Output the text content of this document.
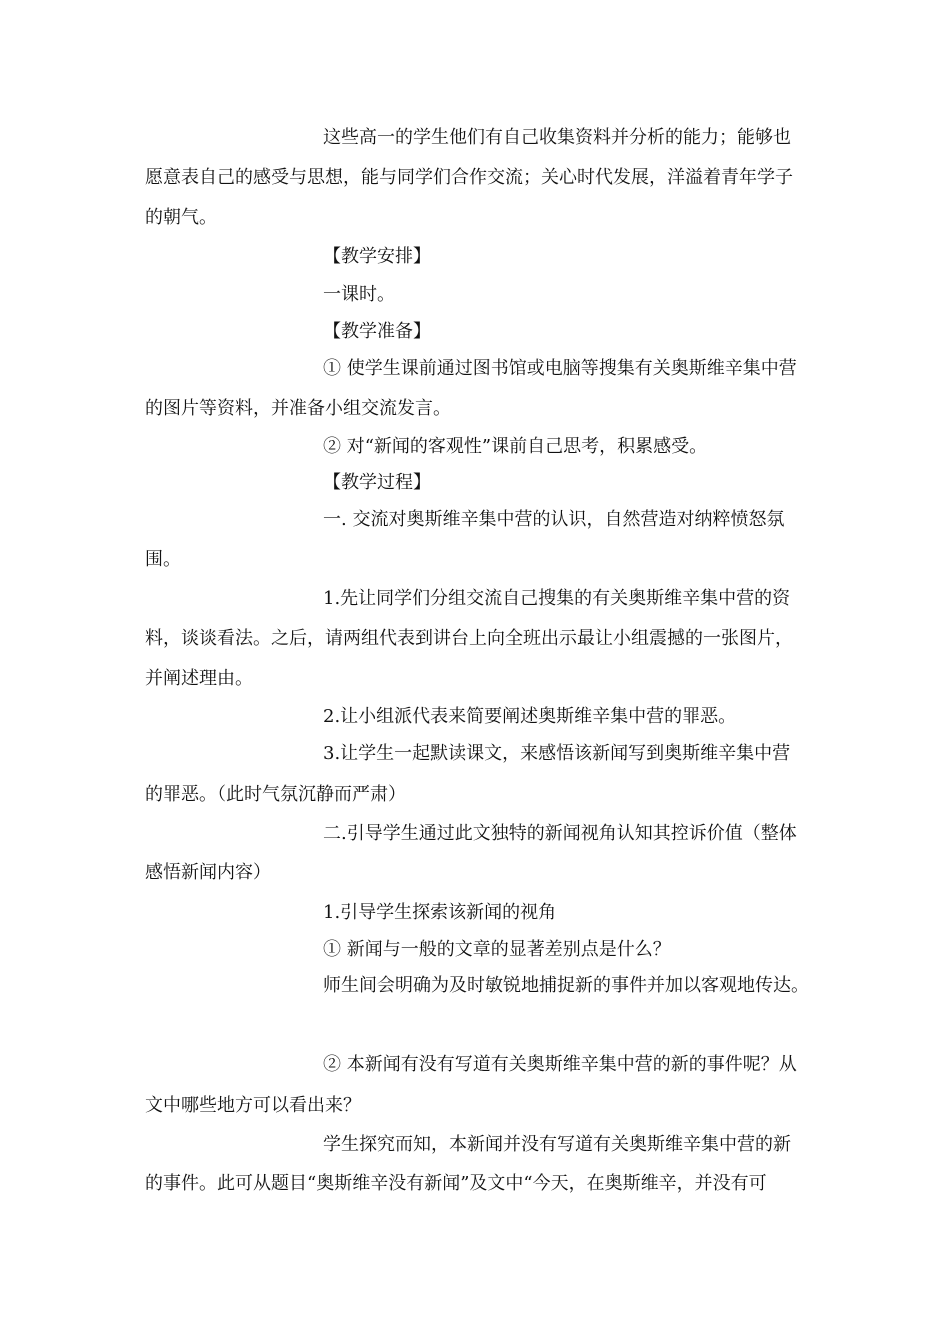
这些高一的学生他们有自己收集资料并分析的能力；能够也
愿意表自己的感受与思想，能与同学们合作交流；关心时代发展，洋溢着青年学子
的朝气。
【教学安排】
一课时。
【教学准备】
① 使学生课前通过图书馆或电脑等搜集有关奥斯维辛集中营
的图片等资料，并准备小组交流发言。
② 对“新闻的客观性”课前自己思考，积累感受。
【教学过程】
一. 交流对奥斯维辛集中营的认识，自然营造对纳粹愤怒氛
围。
1.先让同学们分组交流自己搜集的有关奥斯维辛集中营的资
料，谈谈看法。之后，请两组代表到讲台上向全班出示最让小组震撼的一张图片，
并阐述理由。
2.让小组派代表来简要阐述奥斯维辛集中营的罪恶。
3.让学生一起默读课文，来感悟该新闻写到奥斯维辛集中营
的罪恶。（此时气氛沉静而严肃）
二.引导学生通过此文独特的新闻视角认知其控诉价值（整体
感悟新闻内容）
1.引导学生探索该新闻的视角
① 新闻与一般的文章的显著差别点是什么？
师生间会明确为及时敏锐地捕捉新的事件并加以客观地传达。
② 本新闻有没有写道有关奥斯维辛集中营的新的事件呢？从
文中哪些地方可以看出来？
学生探究而知，本新闻并没有写道有关奥斯维辛集中营的新
的事件。此可从题目“奥斯维辛没有新闻”及文中“今天，在奥斯维辛，并没有可
